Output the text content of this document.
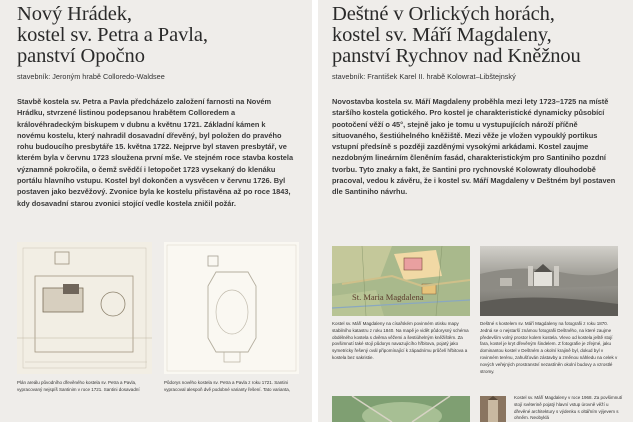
Nový Hrádek,
kostel sv. Petra a Pavla,
panství Opočno
stavebník: Jeroným hrabě Colloredo-Waldsee
Stavbě kostela sv. Petra a Pavla předcházelo založení farnosti na Novém Hrádku, stvrzené listinou podepsanou hrabětem Colloredem a královéhradeckým biskupem v dubnu a květnu 1721. Základní kámen k novému kostelu, který nahradil dosavadní dřevěný, byl položen do pravého rohu budoucího presbytáře 15. května 1722. Nejprve byl staven presbytář, ve kterém byla v červnu 1723 sloužena první mše. Ve stejném roce stavba kostela významně pokročila, o čemž svědčí i letopočet 1723 vysekaný do klenáku portálu hlavního vstupu. Kostel byl dokončen a vysvěcen v červnu 1726. Byl postaven jako bezvěžový. Zvonice byla ke kostelu přistavěna až po roce 1843, kdy dosavadní starou zvonici stojící vedle kostela zničil požár.
Plán areálu původního dřevěného kostela sv. Petra a Pavla, vypracovaný nejspíš Santinim v roce 1721. Santini dosavadní
Půdorys nového kostela sv. Petra a Pavla z roku 1721. Santini vypracoval alespoň dvě podobné varianty řešení. Tato varianta,
Deštné v Orlických horách,
kostel sv. Máří Magdaleny,
panství Rychnov nad Kněžnou
stavebník: František Karel II. hrabě Kolowrat–Libštejnský
Novostavba kostela sv. Máří Magdaleny proběhla mezi lety 1723–1725 na místě staršího kostela gotického. Pro kostel je charakteristické dynamicky působící pootočení věží o 45°, stejně jako je tomu u vystupujících nároží příčně situovaného, šestiúhelného kněžiště. Mezi věže je vložen vypouklý portikus vstupní předsíně s později zazděnými vysokými arkádami. Kostel zaujme nezdobným lineárním členěním fasád, charakteristickým pro Santiniho pozdní tvorbu. Tyto znaky a fakt, že Santini pro rychnovské Kolowraty dlouhodobě pracoval, vedou k závěru, že i kostel sv. Máří Magdaleny v Deštném byl postaven dle Santiniho návrhu.
St. Maria Magdalena
Kostel sv. Máří Magdaleny na císařském povinném otisku mapy stabilního katastru z roku 1840. Na mapě je vidět půdorysný schéma obdélného kostela s dvěma věžemi a šestiúhelným kněžištěm. Za povšimnutí také stojí půdorys navazujícího hřbitova, pojatý jako symetricky řešený ovál připomínající k západnímu průčelí hřbitova a kostela bez sakristie.
Deštné s kostelem sv. Máří Magdaleny na fotografii z roku 1870. Jedná se o nejstarší známou fotografii Deštného, na které zaujme především volný prostor kolem kostela. Vlevo od kostela ještě stojí fara, kostel je kryt dřevěným šindelem. Z fotografie je zřejmé, jaku dominantou kostel v Deštném a okolní krajině byl, dokud byl v rovinném terénu, zahušťován zástavby a změnou náhledu na celek v nových veřejných prostranství nezastíněn okolní budovy a vzrostlé stromy.
Kostel sv. Máří Magdaleny v roce 1968. Za povšimnutí stojí svéterině pojatý hlavní vstup úrovně věží u dřevěné architektury s výdenku s oltářním výjevem s ohněm. Neobyklá
